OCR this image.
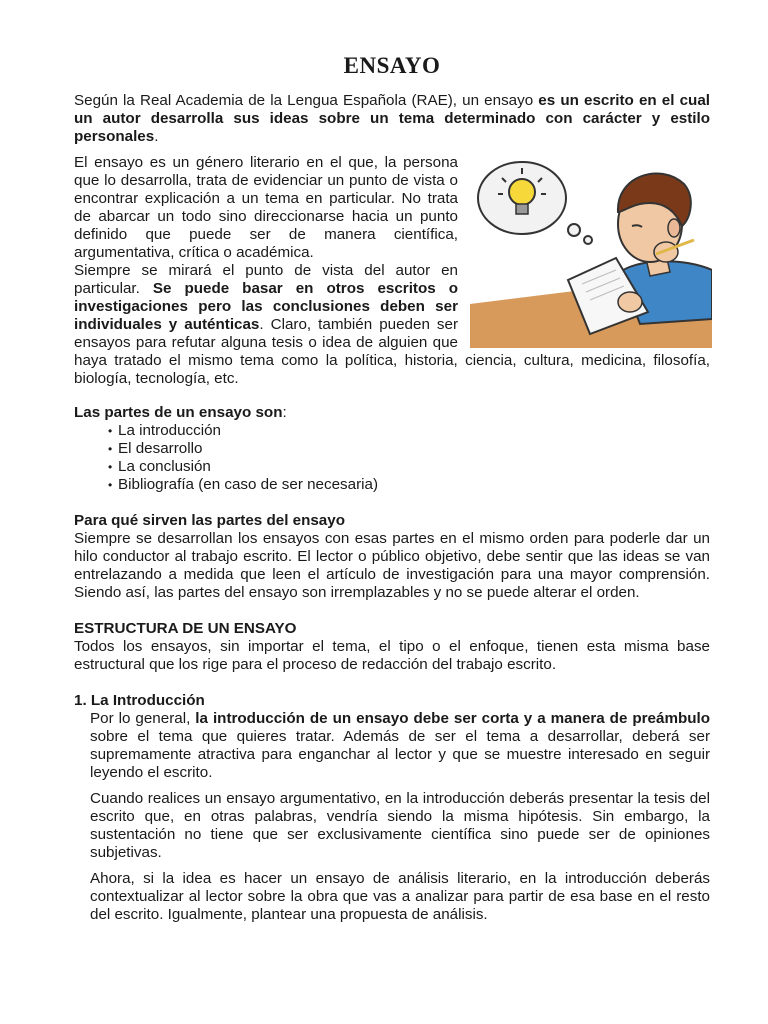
ENSAYO

Según la Real Academia de la Lengua Española (RAE), un ensayo es un escrito en el cual un autor desarrolla sus ideas sobre un tema determinado con carácter y estilo personales.

El ensayo es un género literario en el que, la persona que lo desarrolla, trata de evidenciar un punto de vista o encontrar explicación a un tema en particular. No trata de abarcar un todo sino direccionarse hacia un punto definido que puede ser de manera científica, argumentativa, crítica o académica.

Siempre se mirará el punto de vista del autor en particular. Se puede basar en otros escritos o investigaciones pero las conclusiones deben ser individuales y auténticas. Claro, también pueden ser ensayos para refutar alguna tesis o idea de alguien que haya tratado el mismo tema como la política, historia, ciencia, cultura, medicina, filosofía, biología, tecnología, etc.

Las partes de un ensayo son:
• La introducción
• El desarrollo
• La conclusión
• Bibliografía (en caso de ser necesaria)
Para qué sirven las partes del ensayo

Siempre se desarrollan los ensayos con esas partes en el mismo orden para poderle dar un hilo conductor al trabajo escrito. El lector o público objetivo, debe sentir que las ideas se van entrelazando a medida que leen el artículo de investigación para una mayor comprensión. Siendo así, las partes del ensayo son irremplazables y no se puede alterar el orden.

ESTRUCTURA DE UN ENSAYO

Todos los ensayos, sin importar el tema, el tipo o el enfoque, tienen esta misma base estructural que los rige para el proceso de redacción del trabajo escrito.

1. La Introducción

Por lo general, la introducción de un ensayo debe ser corta y a manera de preámbulo sobre el tema que quieres tratar. Además de ser el tema a desarrollar, deberá ser supremamente atractiva para enganchar al lector y que se muestre interesado en seguir leyendo el escrito.

Cuando realices un ensayo argumentativo, en la introducción deberás presentar la tesis del escrito que, en otras palabras, vendría siendo la misma hipótesis. Sin embargo, la sustentación no tiene que ser exclusivamente científica sino puede ser de opiniones subjetivas.

Ahora, si la idea es hacer un ensayo de análisis literario, en la introducción deberás contextualizar al lector sobre la obra que vas a analizar para partir de esa base en el resto del escrito. Igualmente, plantear una propuesta de análisis.
